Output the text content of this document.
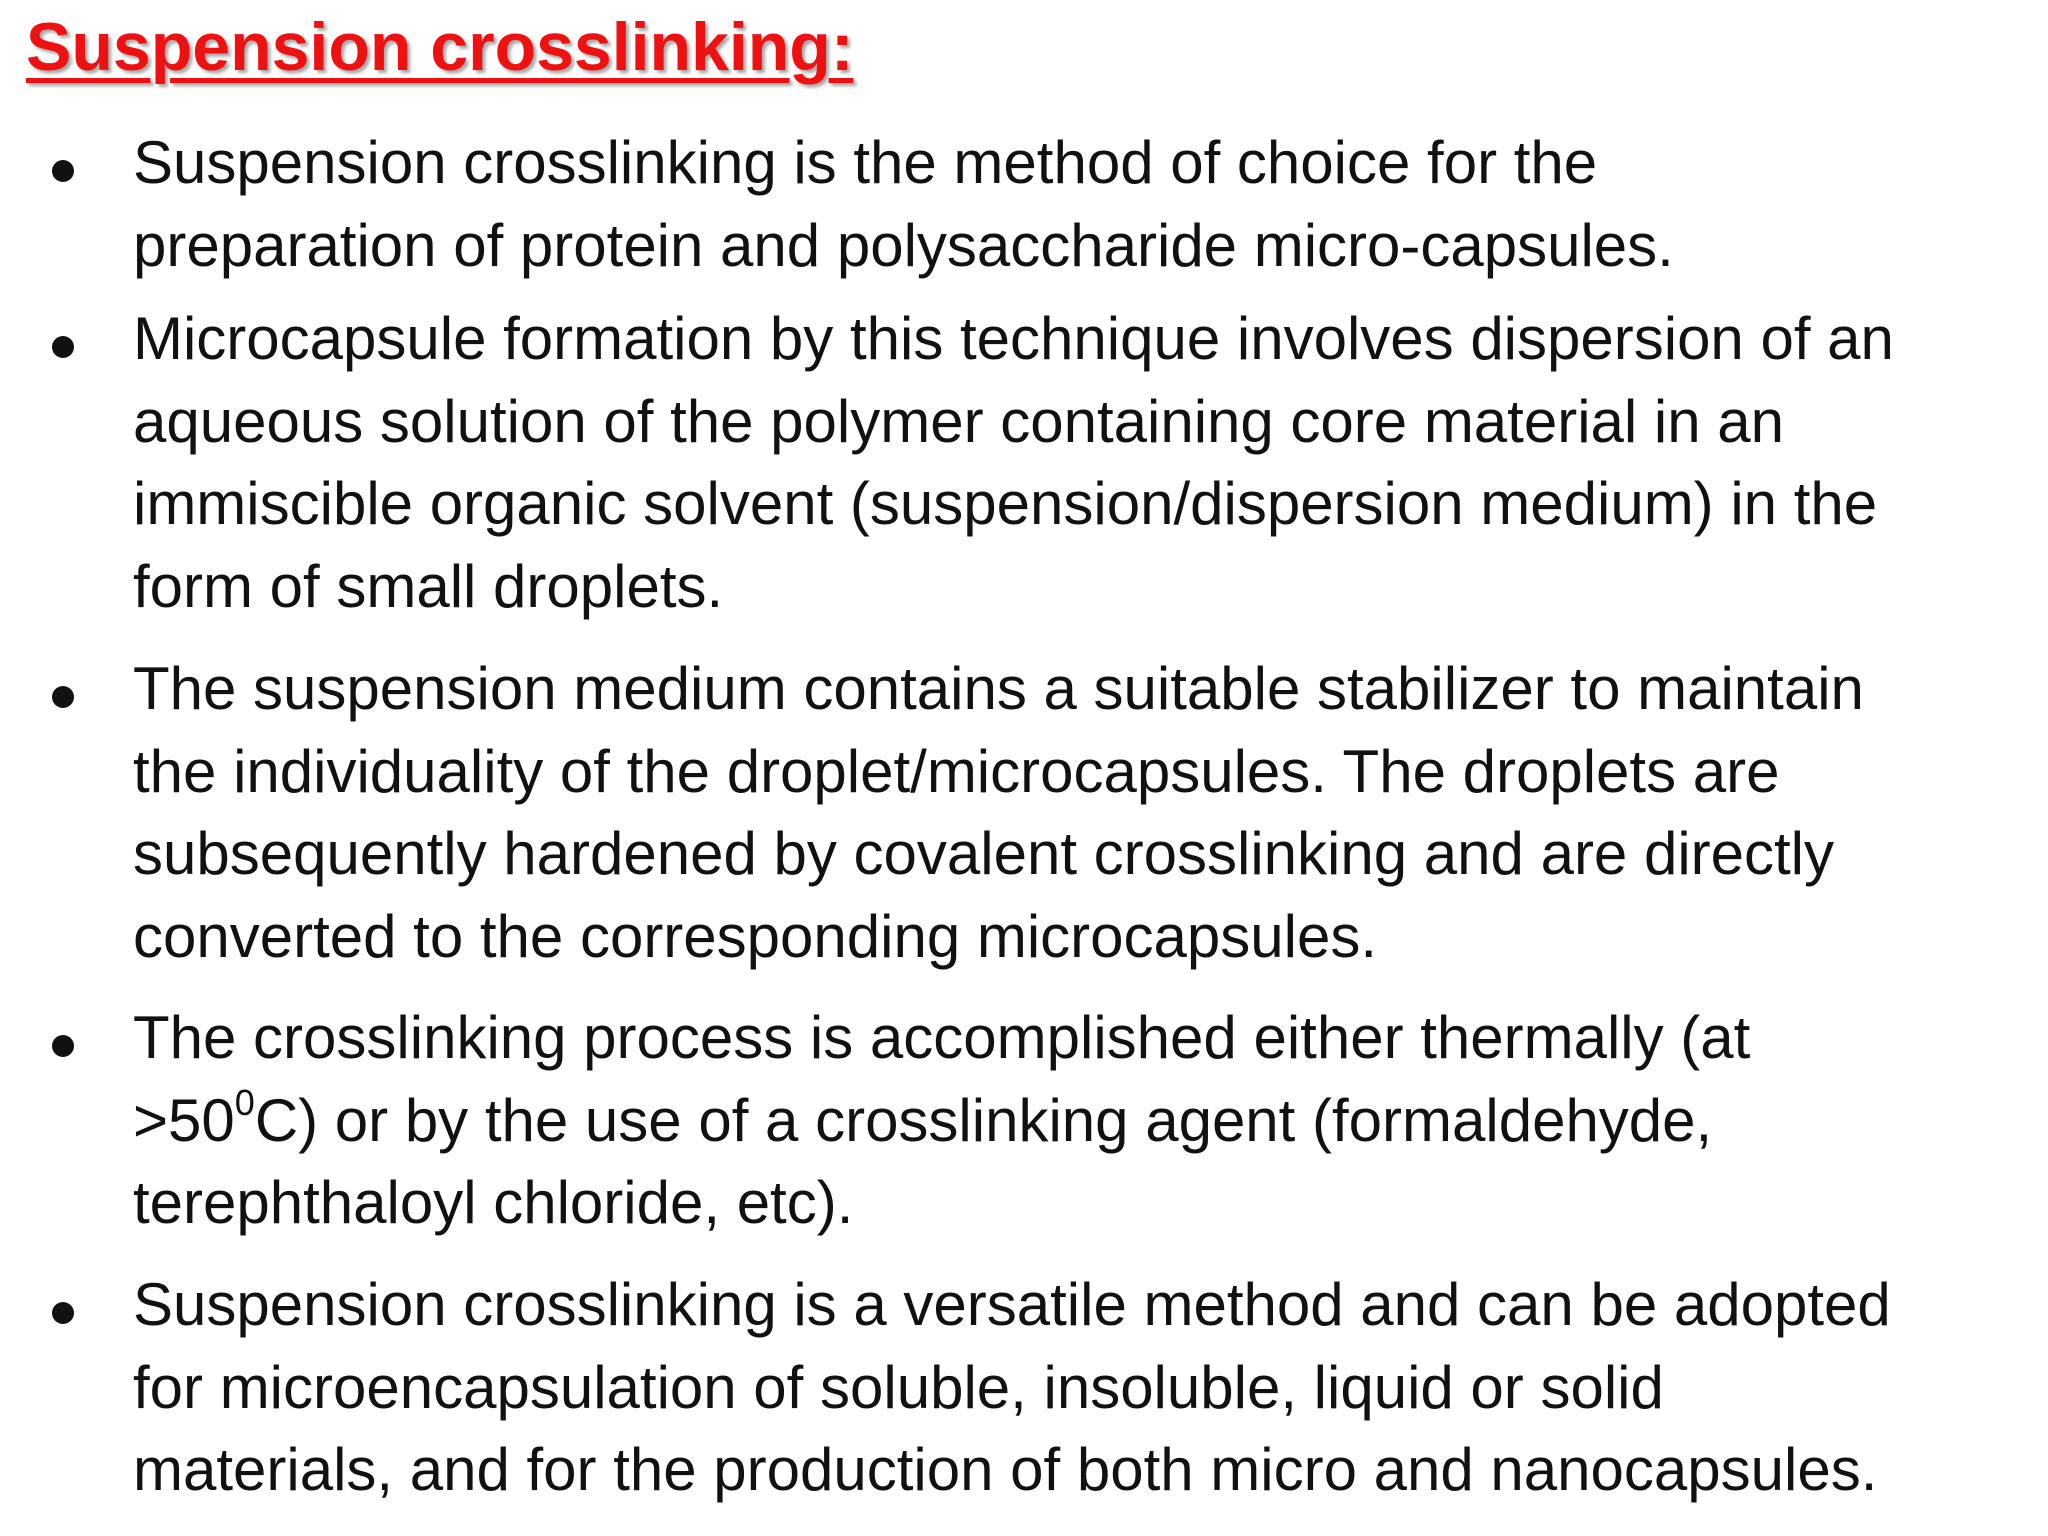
Suspension crosslinking:
Suspension crosslinking is the method of choice for the
preparation of protein and polysaccharide micro-capsules.
Microcapsule formation by this technique involves dispersion of an
aqueous solution of the polymer containing core material in an
immiscible organic solvent (suspension/dispersion medium) in the
form of small droplets.
The suspension medium contains a suitable stabilizer to maintain
the individuality of the droplet/microcapsules. The droplets are
subsequently hardened by covalent crosslinking and are directly
converted to the corresponding microcapsules.
The crosslinking process is accomplished either thermally (at
$>50^0C$) or by the use of a crosslinking agent (formaldehyde,
terephthaloyl chloride, etc).
Suspension crosslinking is a versatile method and can be adopted
for microencapsulation of soluble, insoluble, liquid or solid
materials, and for the production of both micro and nanocapsules.
